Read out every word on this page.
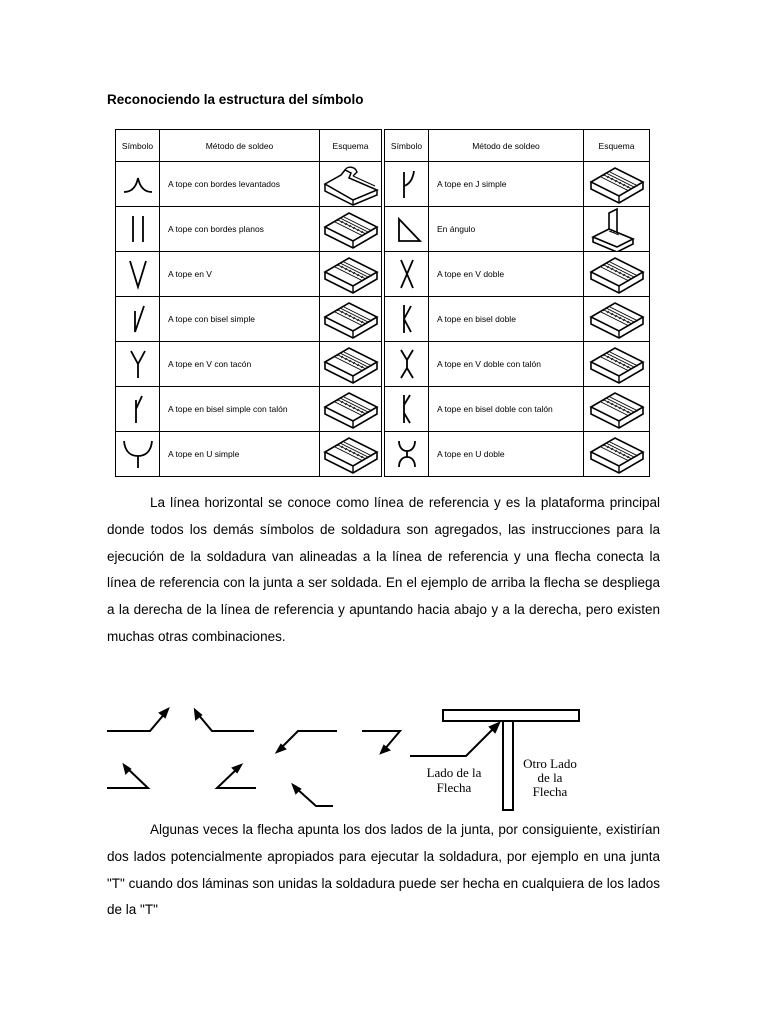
Reconociendo la estructura del símbolo
Símbolo	Método de soldeo	Esquema

	A tope con bordes levantados	

	A tope con bordes planos	

	A tope en V	

	A tope con bisel simple	

	A tope en V con tacón	

	A tope en bisel simple con talón	

	A tope en U simple	
Símbolo	Método de soldeo	Esquema

	A tope en J simple	

	En ángulo	

	A tope en V doble	

	A tope en bisel doble	

	A tope en V doble con talón	

	A tope en bisel doble con talón	

	A tope en U doble	

La línea horizontal se conoce como línea de referencia y es la plataforma principal donde todos los demás símbolos de soldadura son agregados, las instrucciones para la ejecución de la soldadura van alineadas a la línea de referencia y una flecha conecta la línea de referencia con la junta a ser soldada. En el ejemplo de arriba la flecha se despliega a la derecha de la línea de referencia y apuntando hacia abajo y a la derecha, pero existen muchas otras combinaciones.

Lado de la
Flecha
Otro Lado
de la
Flecha

Algunas veces la flecha apunta los dos lados de la junta, por consiguiente, existirían dos lados potencialmente apropiados para ejecutar la soldadura, por ejemplo en una junta "T" cuando dos láminas son unidas la soldadura puede ser hecha en cualquiera de los lados de la "T"
